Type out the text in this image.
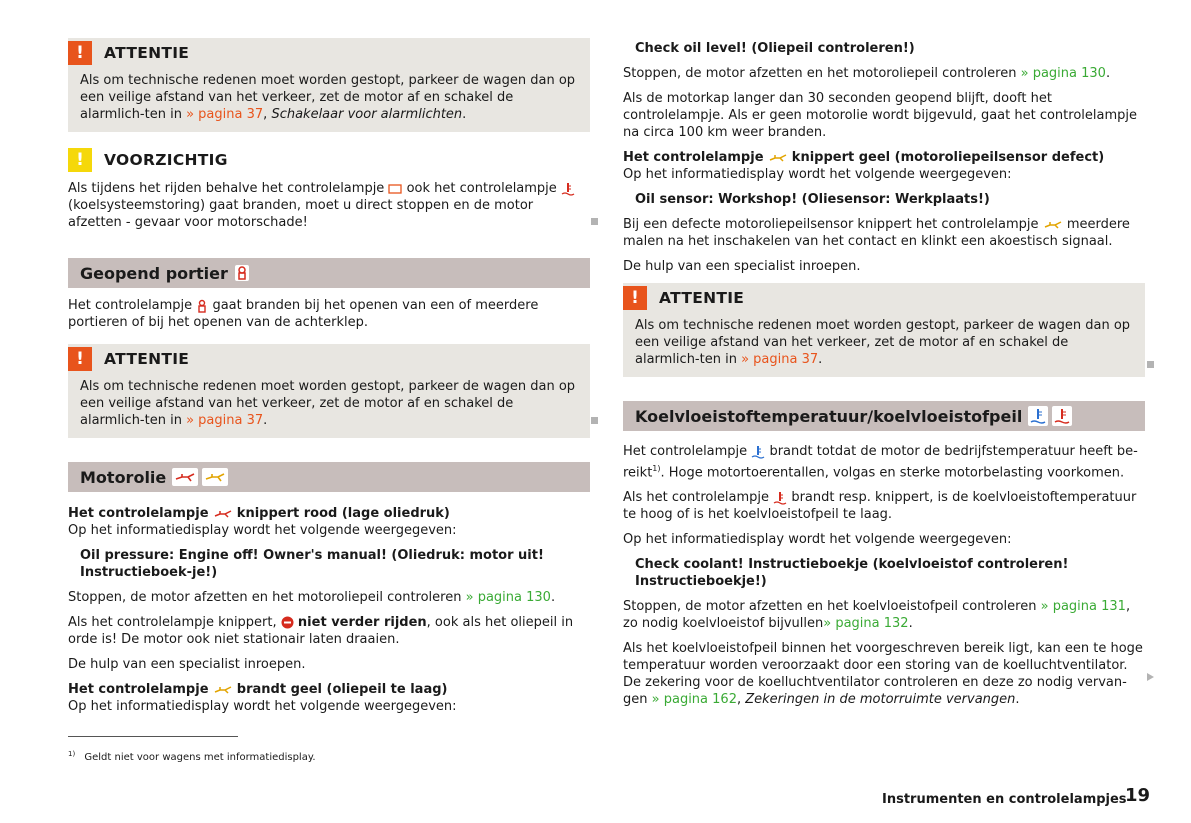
!	ATTENTIE
Als om technische redenen moet worden gestopt, parkeer de wagen dan op een veilige afstand van het verkeer, zet de motor af en schakel de alarmlich-ten in » pagina 37, Schakelaar voor alarmlichten.
!	VOORZICHTIG
Als tijdens het rijden behalve het controlelampje ook het controlelampje  (koelsysteemstoring) gaat branden, moet u direct stoppen en de motor afzetten - gevaar voor motorschade!
Geopend portier

Het controlelampje gaat branden bij het openen van een of meerdere portieren of bij het openen van de achterklep.

!	ATTENTIE
Als om technische redenen moet worden gestopt, parkeer de wagen dan op een veilige afstand van het verkeer, zet de motor af en schakel de alarmlich-ten in » pagina 37.
Motorolie
Het controlelampje knippert rood (lage oliedruk)

Op het informatiedisplay wordt het volgende weergegeven:

Oil pressure: Engine off! Owner's manual! (Oliedruk: motor uit! Instructieboek-je!)

Stoppen, de motor afzetten en het motoroliepeil controleren » pagina 130.

Als het controlelampje knippert, niet verder rijden, ook als het oliepeil in orde is! De motor ook niet stationair laten draaien.

De hulp van een specialist inroepen.

Het controlelampje brandt geel (oliepeil te laag)

Op het informatiedisplay wordt het volgende weergegeven:

Check oil level! (Oliepeil controleren!)

Stoppen, de motor afzetten en het motoroliepeil controleren » pagina 130.

Als de motorkap langer dan 30 seconden geopend blijft, dooft het controlelampje. Als er geen motorolie wordt bijgevuld, gaat het controlelampje na circa 100 km weer branden.

Het controlelampje knippert geel (motoroliepeilsensor defect)

Op het informatiedisplay wordt het volgende weergegeven:

Oil sensor: Workshop! (Oliesensor: Werkplaats!)

Bij een defecte motoroliepeilsensor knippert het controlelampje meerdere malen na het inschakelen van het contact en klinkt een akoestisch signaal.

De hulp van een specialist inroepen.

!	ATTENTIE
Als om technische redenen moet worden gestopt, parkeer de wagen dan op een veilige afstand van het verkeer, zet de motor af en schakel de alarmlich-ten in » pagina 37.
Koelvloeistoftemperatuur/koelvloeistofpeil

Het controlelampje brandt totdat de motor de bedrijfstemperatuur heeft be-reikt$^{1)}$. Hoge motortoerentallen, volgas en sterke motorbelasting voorkomen.

Als het controlelampje brandt resp. knippert, is de koelvloeistoftemperatuur te hoog of is het koelvloeistofpeil te laag.

Op het informatiedisplay wordt het volgende weergegeven:

Check coolant! Instructieboekje (koelvloeistof controleren! Instructieboekje!)

Stoppen, de motor afzetten en het koelvloeistofpeil controleren » pagina 131, zo nodig koelvloeistof bijvullen» pagina 132.

Als het koelvloeistofpeil binnen het voorgeschreven bereik ligt, kan een te hoge temperatuur worden veroorzaakt door een storing van de koelluchtventilator. De zekering voor de koelluchtventilator controleren en deze zo nodig vervan-gen » pagina 162, Zekeringen in de motorruimte vervangen.

$^{1)}$ Geldt niet voor wagens met informatiedisplay.
Instrumenten en controlelampjes
19
